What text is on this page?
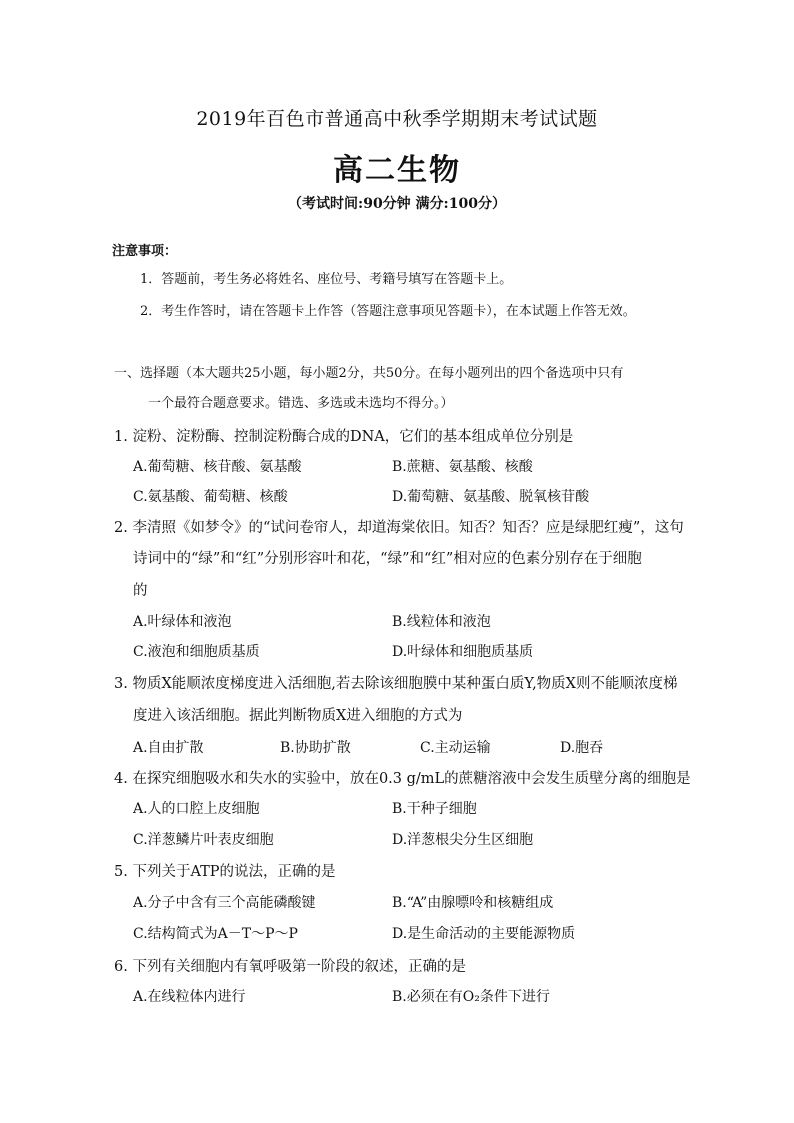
2019年百色市普通高中秋季学期期末考试试题
高二生物
（考试时间:90分钟 满分:100分）
注意事项：
1．答题前，考生务必将姓名、座位号、考籍号填写在答题卡上。
2．考生作答时，请在答题卡上作答（答题注意事项见答题卡），在本试题上作答无效。
一、选择题（本大题共25小题，每小题2分，共50分。在每小题列出的四个备选项中只有
一个最符合题意要求。错选、多选或未选均不得分。）
1. 淀粉、淀粉酶、控制淀粉酶合成的DNA，它们的基本组成单位分别是
A.葡萄糖、核苷酸、氨基酸	B.蔗糖、氨基酸、核酸
C.氨基酸、葡萄糖、核酸	D.葡萄糖、氨基酸、脱氧核苷酸
2. 李清照《如梦令》的“试问卷帘人，却道海棠依旧。知否？知否？应是绿肥红瘦”，这句
诗词中的“绿”和“红”分别形容叶和花，“绿”和“红”相对应的色素分别存在于细胞
的
A.叶绿体和液泡	B.线粒体和液泡
C.液泡和细胞质基质	D.叶绿体和细胞质基质
3. 物质X能顺浓度梯度进入活细胞,若去除该细胞膜中某种蛋白质Y,物质X则不能顺浓度梯
度进入该活细胞。据此判断物质X进入细胞的方式为
A.自由扩散	B.协助扩散	C.主动运输	D.胞吞
4. 在探究细胞吸水和失水的实验中，放在0.3 g/mL的蔗糖溶液中会发生质壁分离的细胞是
A.人的口腔上皮细胞	B.干种子细胞
C.洋葱鳞片叶表皮细胞	D.洋葱根尖分生区细胞
5. 下列关于ATP的说法，正确的是
A.分子中含有三个高能磷酸键	B.“A”由腺嘌呤和核糖组成
C.结构简式为A－T～P～P	D.是生命活动的主要能源物质
6. 下列有关细胞内有氧呼吸第一阶段的叙述，正确的是
A.在线粒体内进行	B.必须在有O₂条件下进行
